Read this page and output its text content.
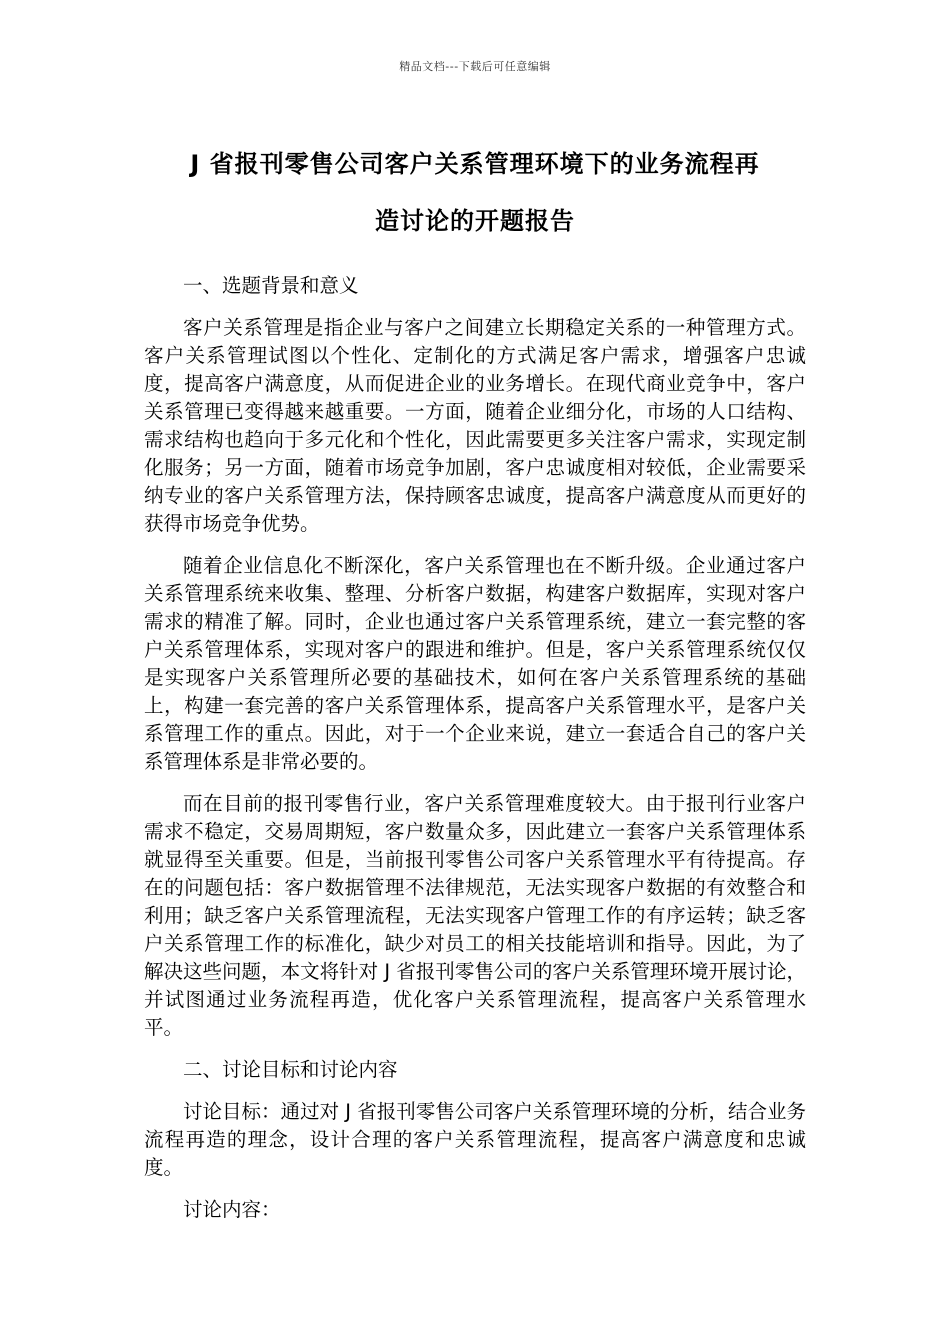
精品文档---下载后可任意编辑
J 省报刊零售公司客户关系管理环境下的业务流程再
造讨论的开题报告

一、选题背景和意义

客户关系管理是指企业与客户之间建立长期稳定关系的一种管理方式。客户关系管理试图以个性化、定制化的方式满足客户需求，增强客户忠诚度，提高客户满意度，从而促进企业的业务增长。在现代商业竞争中，客户关系管理已变得越来越重要。一方面，随着企业细分化，市场的人口结构、需求结构也趋向于多元化和个性化，因此需要更多关注客户需求，实现定制化服务；另一方面，随着市场竞争加剧，客户忠诚度相对较低，企业需要采纳专业的客户关系管理方法，保持顾客忠诚度，提高客户满意度从而更好的获得市场竞争优势。

随着企业信息化不断深化，客户关系管理也在不断升级。企业通过客户关系管理系统来收集、整理、分析客户数据，构建客户数据库，实现对客户需求的精准了解。同时，企业也通过客户关系管理系统，建立一套完整的客户关系管理体系，实现对客户的跟进和维护。但是，客户关系管理系统仅仅是实现客户关系管理所必要的基础技术，如何在客户关系管理系统的基础上，构建一套完善的客户关系管理体系，提高客户关系管理水平，是客户关系管理工作的重点。因此，对于一个企业来说，建立一套适合自己的客户关系管理体系是非常必要的。

而在目前的报刊零售行业，客户关系管理难度较大。由于报刊行业客户需求不稳定，交易周期短，客户数量众多，因此建立一套客户关系管理体系就显得至关重要。但是，当前报刊零售公司客户关系管理水平有待提高。存在的问题包括：客户数据管理不法律规范，无法实现客户数据的有效整合和利用；缺乏客户关系管理流程，无法实现客户管理工作的有序运转；缺乏客户关系管理工作的标准化，缺少对员工的相关技能培训和指导。因此，为了解决这些问题，本文将针对 J 省报刊零售公司的客户关系管理环境开展讨论，并试图通过业务流程再造，优化客户关系管理流程，提高客户关系管理水平。

二、讨论目标和讨论内容

讨论目标：通过对 J 省报刊零售公司客户关系管理环境的分析，结合业务流程再造的理念，设计合理的客户关系管理流程，提高客户满意度和忠诚度。

讨论内容：
